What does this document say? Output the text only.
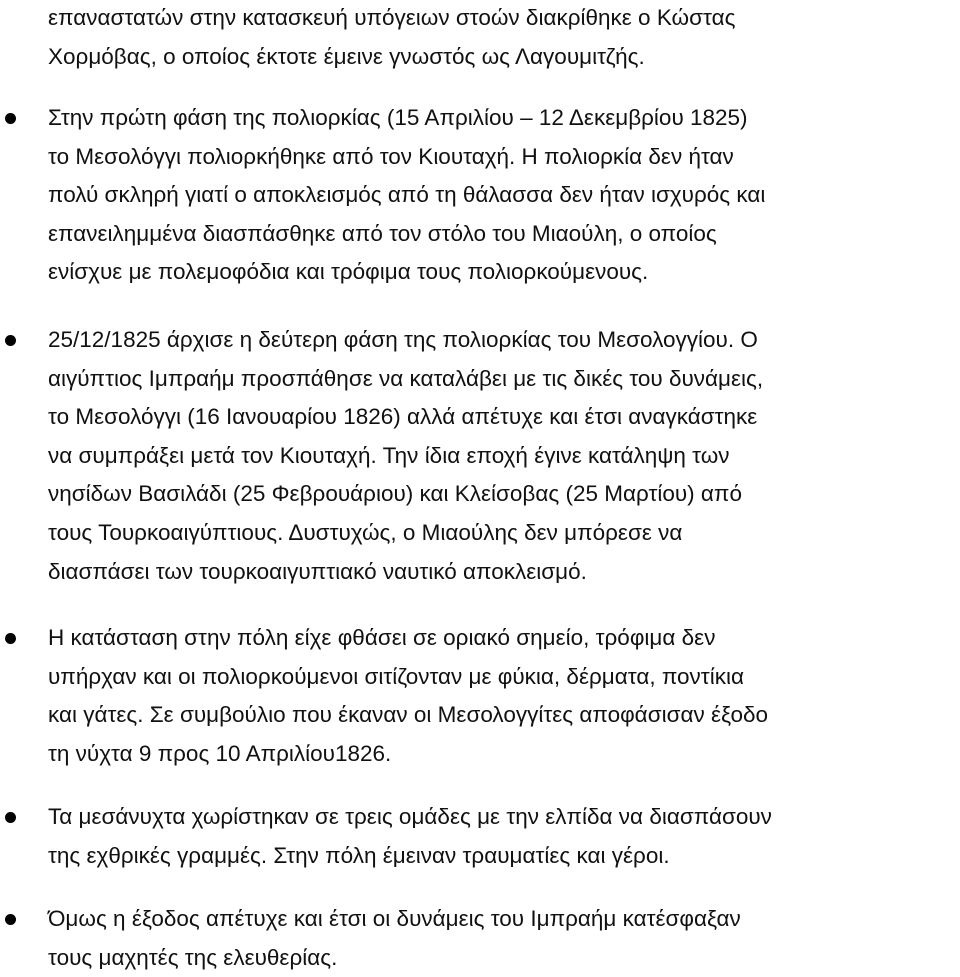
επαναστατών στην κατασκευή υπόγειων στοών διακρίθηκε ο Κώστας
Χορμόβας, ο οποίος έκτοτε έμεινε γνωστός ως Λαγουμιτζής.
Στην πρώτη φάση της πολιορκίας (15 Απριλίου – 12 Δεκεμβρίου 1825)
το Μεσολόγγι πολιορκήθηκε από τον Κιουταχή. Η πολιορκία δεν ήταν
πολύ σκληρή γιατί ο αποκλεισμός από τη θάλασσα δεν ήταν ισχυρός και
επανειλημμένα διασπάσθηκε από τον στόλο του Μιαούλη, ο οποίος
ενίσχυε με πολεμοφόδια και τρόφιμα τους πολιορκούμενους.
25/12/1825 άρχισε η δεύτερη φάση της πολιορκίας του Μεσολογγίου. Ο
αιγύπτιος Ιμπραήμ προσπάθησε να καταλάβει με τις δικές του δυνάμεις,
το Μεσολόγγι (16 Ιανουαρίου 1826) αλλά απέτυχε και έτσι αναγκάστηκε
να συμπράξει μετά τον Κιουταχή. Την ίδια εποχή έγινε κατάληψη των
νησίδων Βασιλάδι (25 Φεβρουάριου) και Κλείσοβας (25 Μαρτίου) από
τους Τουρκοαιγύπτιους. Δυστυχώς, ο Μιαούλης δεν μπόρεσε να
διασπάσει των τουρκοαιγυπτιακό ναυτικό αποκλεισμό.
Η κατάσταση στην πόλη είχε φθάσει σε οριακό σημείο, τρόφιμα δεν
υπήρχαν και οι πολιορκούμενοι σιτίζονταν με φύκια, δέρματα, ποντίκια
και γάτες. Σε συμβούλιο που έκαναν οι Μεσολογγίτες αποφάσισαν έξοδο
τη νύχτα 9 προς 10 Απριλίου1826.
Τα μεσάνυχτα χωρίστηκαν σε τρεις ομάδες με την ελπίδα να διασπάσουν
της εχθρικές γραμμές. Στην πόλη έμειναν τραυματίες και γέροι.
Όμως η έξοδος απέτυχε και έτσι οι δυνάμεις του Ιμπραήμ κατέσφαξαν
τους μαχητές της ελευθερίας.
